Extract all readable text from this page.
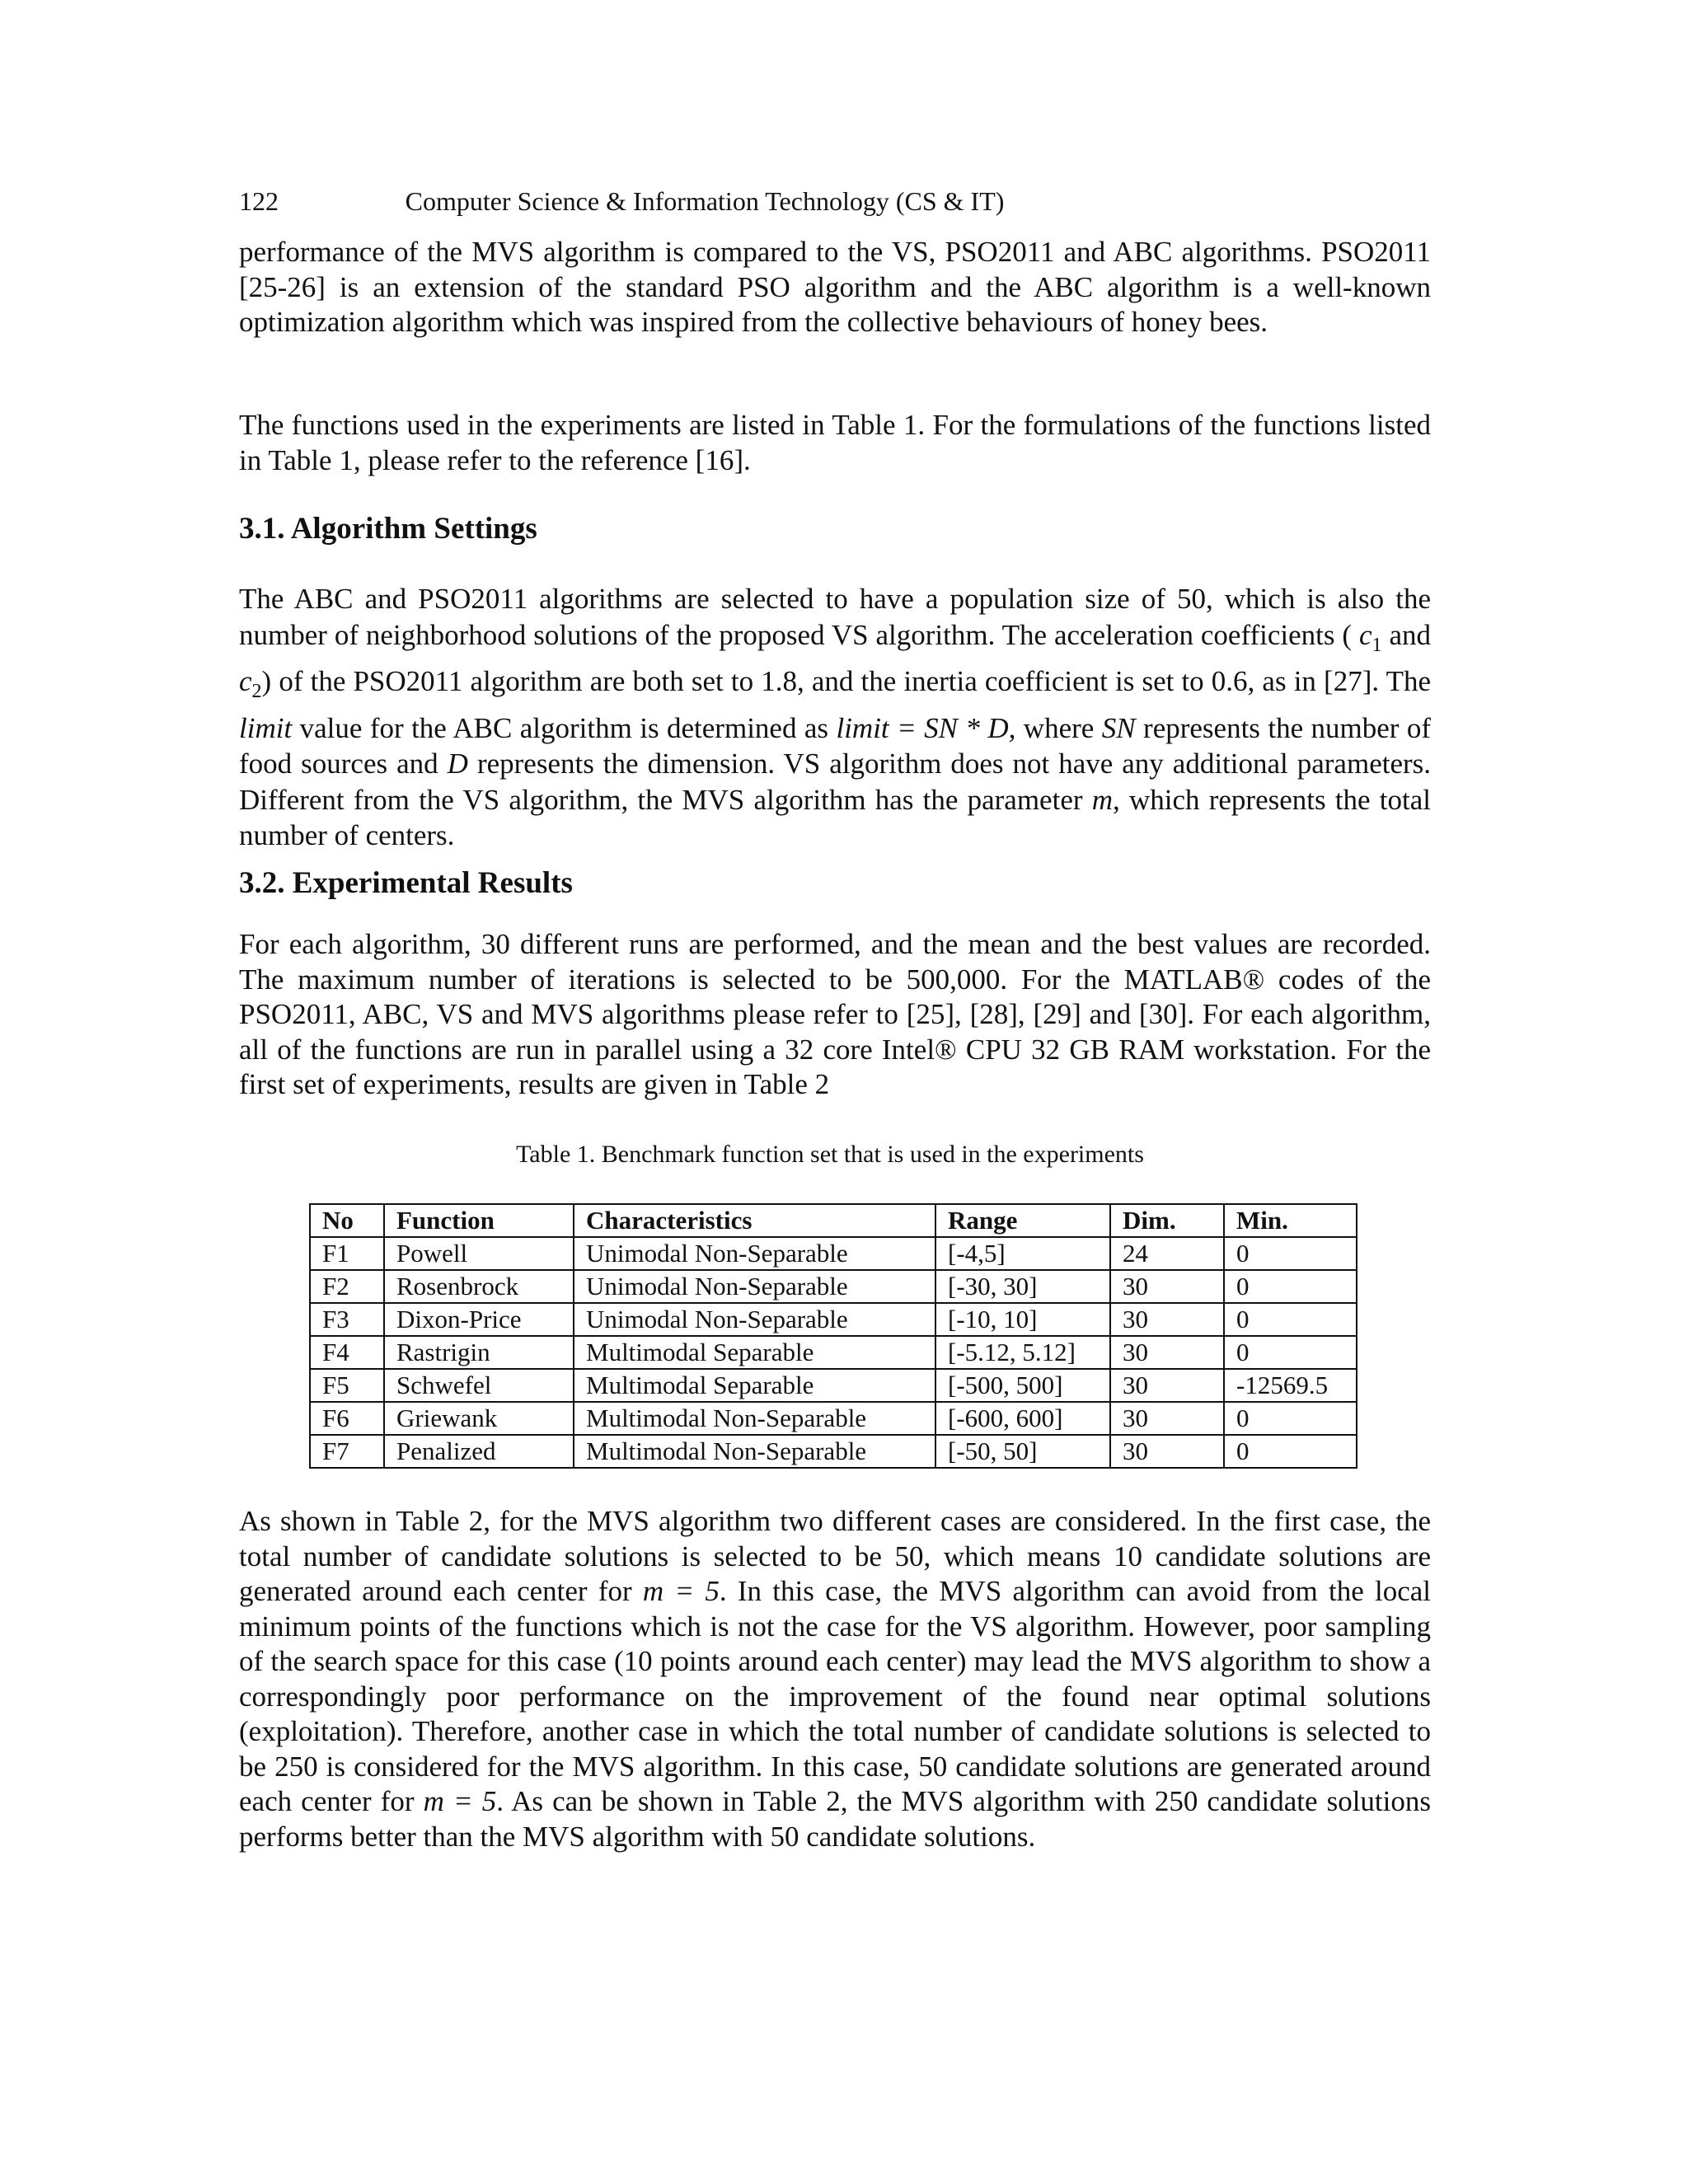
122	Computer Science & Information Technology (CS & IT)

performance of the MVS algorithm is compared to the VS, PSO2011 and ABC algorithms. PSO2011 [25-26] is an extension of the standard PSO algorithm and the ABC algorithm is a well-known optimization algorithm which was inspired from the collective behaviours of honey bees.

The functions used in the experiments are listed in Table 1. For the formulations of the functions listed in Table 1, please refer to the reference [16].

3.1. Algorithm Settings

The ABC and PSO2011 algorithms are selected to have a population size of 50, which is also the number of neighborhood solutions of the proposed VS algorithm. The acceleration coefficients ( $c_1$ and $c_2$) of the PSO2011 algorithm are both set to 1.8, and the inertia coefficient is set to 0.6, as in [27]. The limit value for the ABC algorithm is determined as limit = SN * D, where SN represents the number of food sources and D represents the dimension. VS algorithm does not have any additional parameters. Different from the VS algorithm, the MVS algorithm has the parameter m, which represents the total number of centers.

3.2. Experimental Results

For each algorithm, 30 different runs are performed, and the mean and the best values are recorded. The maximum number of iterations is selected to be 500,000. For the MATLAB® codes of the PSO2011, ABC, VS and MVS algorithms please refer to [25], [28], [29] and [30]. For each algorithm, all of the functions are run in parallel using a 32 core Intel® CPU 32 GB RAM workstation. For the first set of experiments, results are given in Table 2

Table 1. Benchmark function set that is used in the experiments
No	Function	Characteristics	Range	Dim.	Min.
F1	Powell	Unimodal Non-Separable	[-4,5]	24	0
F2	Rosenbrock	Unimodal Non-Separable	[-30, 30]	30	0
F3	Dixon-Price	Unimodal Non-Separable	[-10, 10]	30	0
F4	Rastrigin	Multimodal Separable	[-5.12, 5.12]	30	0
F5	Schwefel	Multimodal Separable	[-500, 500]	30	-12569.5
F6	Griewank	Multimodal Non-Separable	[-600, 600]	30	0
F7	Penalized	Multimodal Non-Separable	[-50, 50]	30	0

As shown in Table 2, for the MVS algorithm two different cases are considered. In the first case, the total number of candidate solutions is selected to be 50, which means 10 candidate solutions are generated around each center for m = 5. In this case, the MVS algorithm can avoid from the local minimum points of the functions which is not the case for the VS algorithm. However, poor sampling of the search space for this case (10 points around each center) may lead the MVS algorithm to show a correspondingly poor performance on the improvement of the found near optimal solutions (exploitation). Therefore, another case in which the total number of candidate solutions is selected to be 250 is considered for the MVS algorithm. In this case, 50 candidate solutions are generated around each center for m = 5. As can be shown in Table 2, the MVS algorithm with 250 candidate solutions performs better than the MVS algorithm with 50 candidate solutions.
